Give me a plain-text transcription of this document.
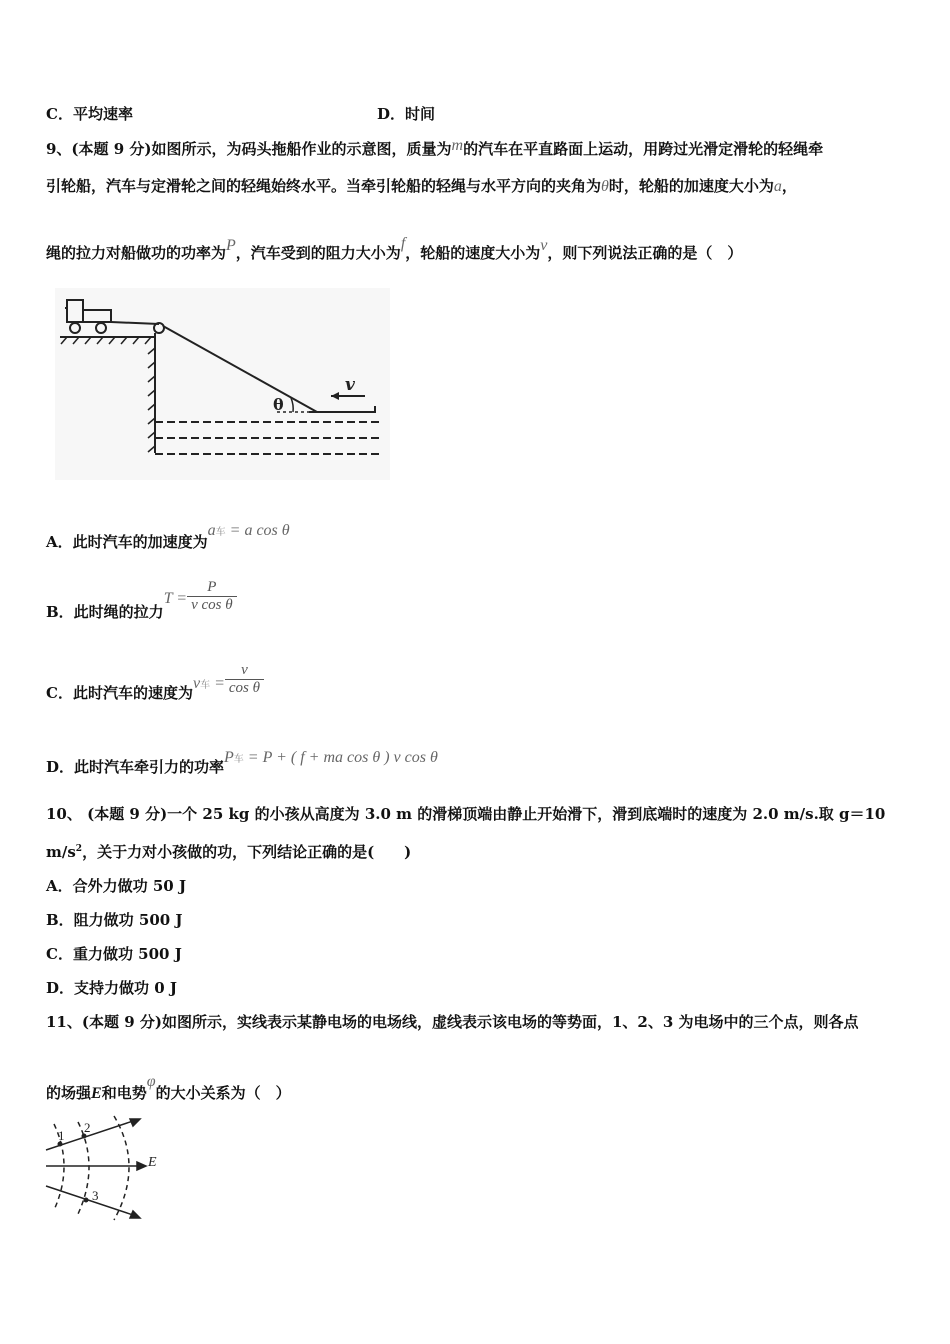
C．平均速率	D．时间
9、(本题 9 分)如图所示，为码头拖船作业的示意图，质量为m的汽车在平直路面上运动，用跨过光滑定滑轮的轻绳牵
引轮船，汽车与定滑轮之间的轻绳始终水平。当牵引轮船的轻绳与水平方向的夹角为θ时，轮船的加速度大小为a，
绳的拉力对船做功的功率为P，汽车受到的阻力大小为f，轮船的速度大小为v，则下列说法正确的是（　）
θ
v
A．此时汽车的加速度为a车 = a cos θ
B．此时绳的拉力$T = \frac{P}{\text{v cos θ}}$
C．此时汽车的速度为v车 = $\frac{v}{\text{cos θ}}$
D．此时汽车牵引力的功率P车 = P + ( f + ma cos θ ) v cos θ
10、 (本题 9 分)一个 25 kg 的小孩从高度为 3.0 m 的滑梯顶端由静止开始滑下，滑到底端时的速度为 2.0 m/s.取 g＝10
$m/s^2$，关于力对小孩做的功，下列结论正确的是(　　)
A．合外力做功 50 J
B．阻力做功 500 J
C．重力做功 500 J
D．支持力做功 0 J
11、(本题 9 分)如图所示，实线表示某静电场的电场线，虚线表示该电场的等势面，1、2、3 为电场中的三个点，则各点
的场强E和电势φ的大小关系为（　）
1
2
3
E
